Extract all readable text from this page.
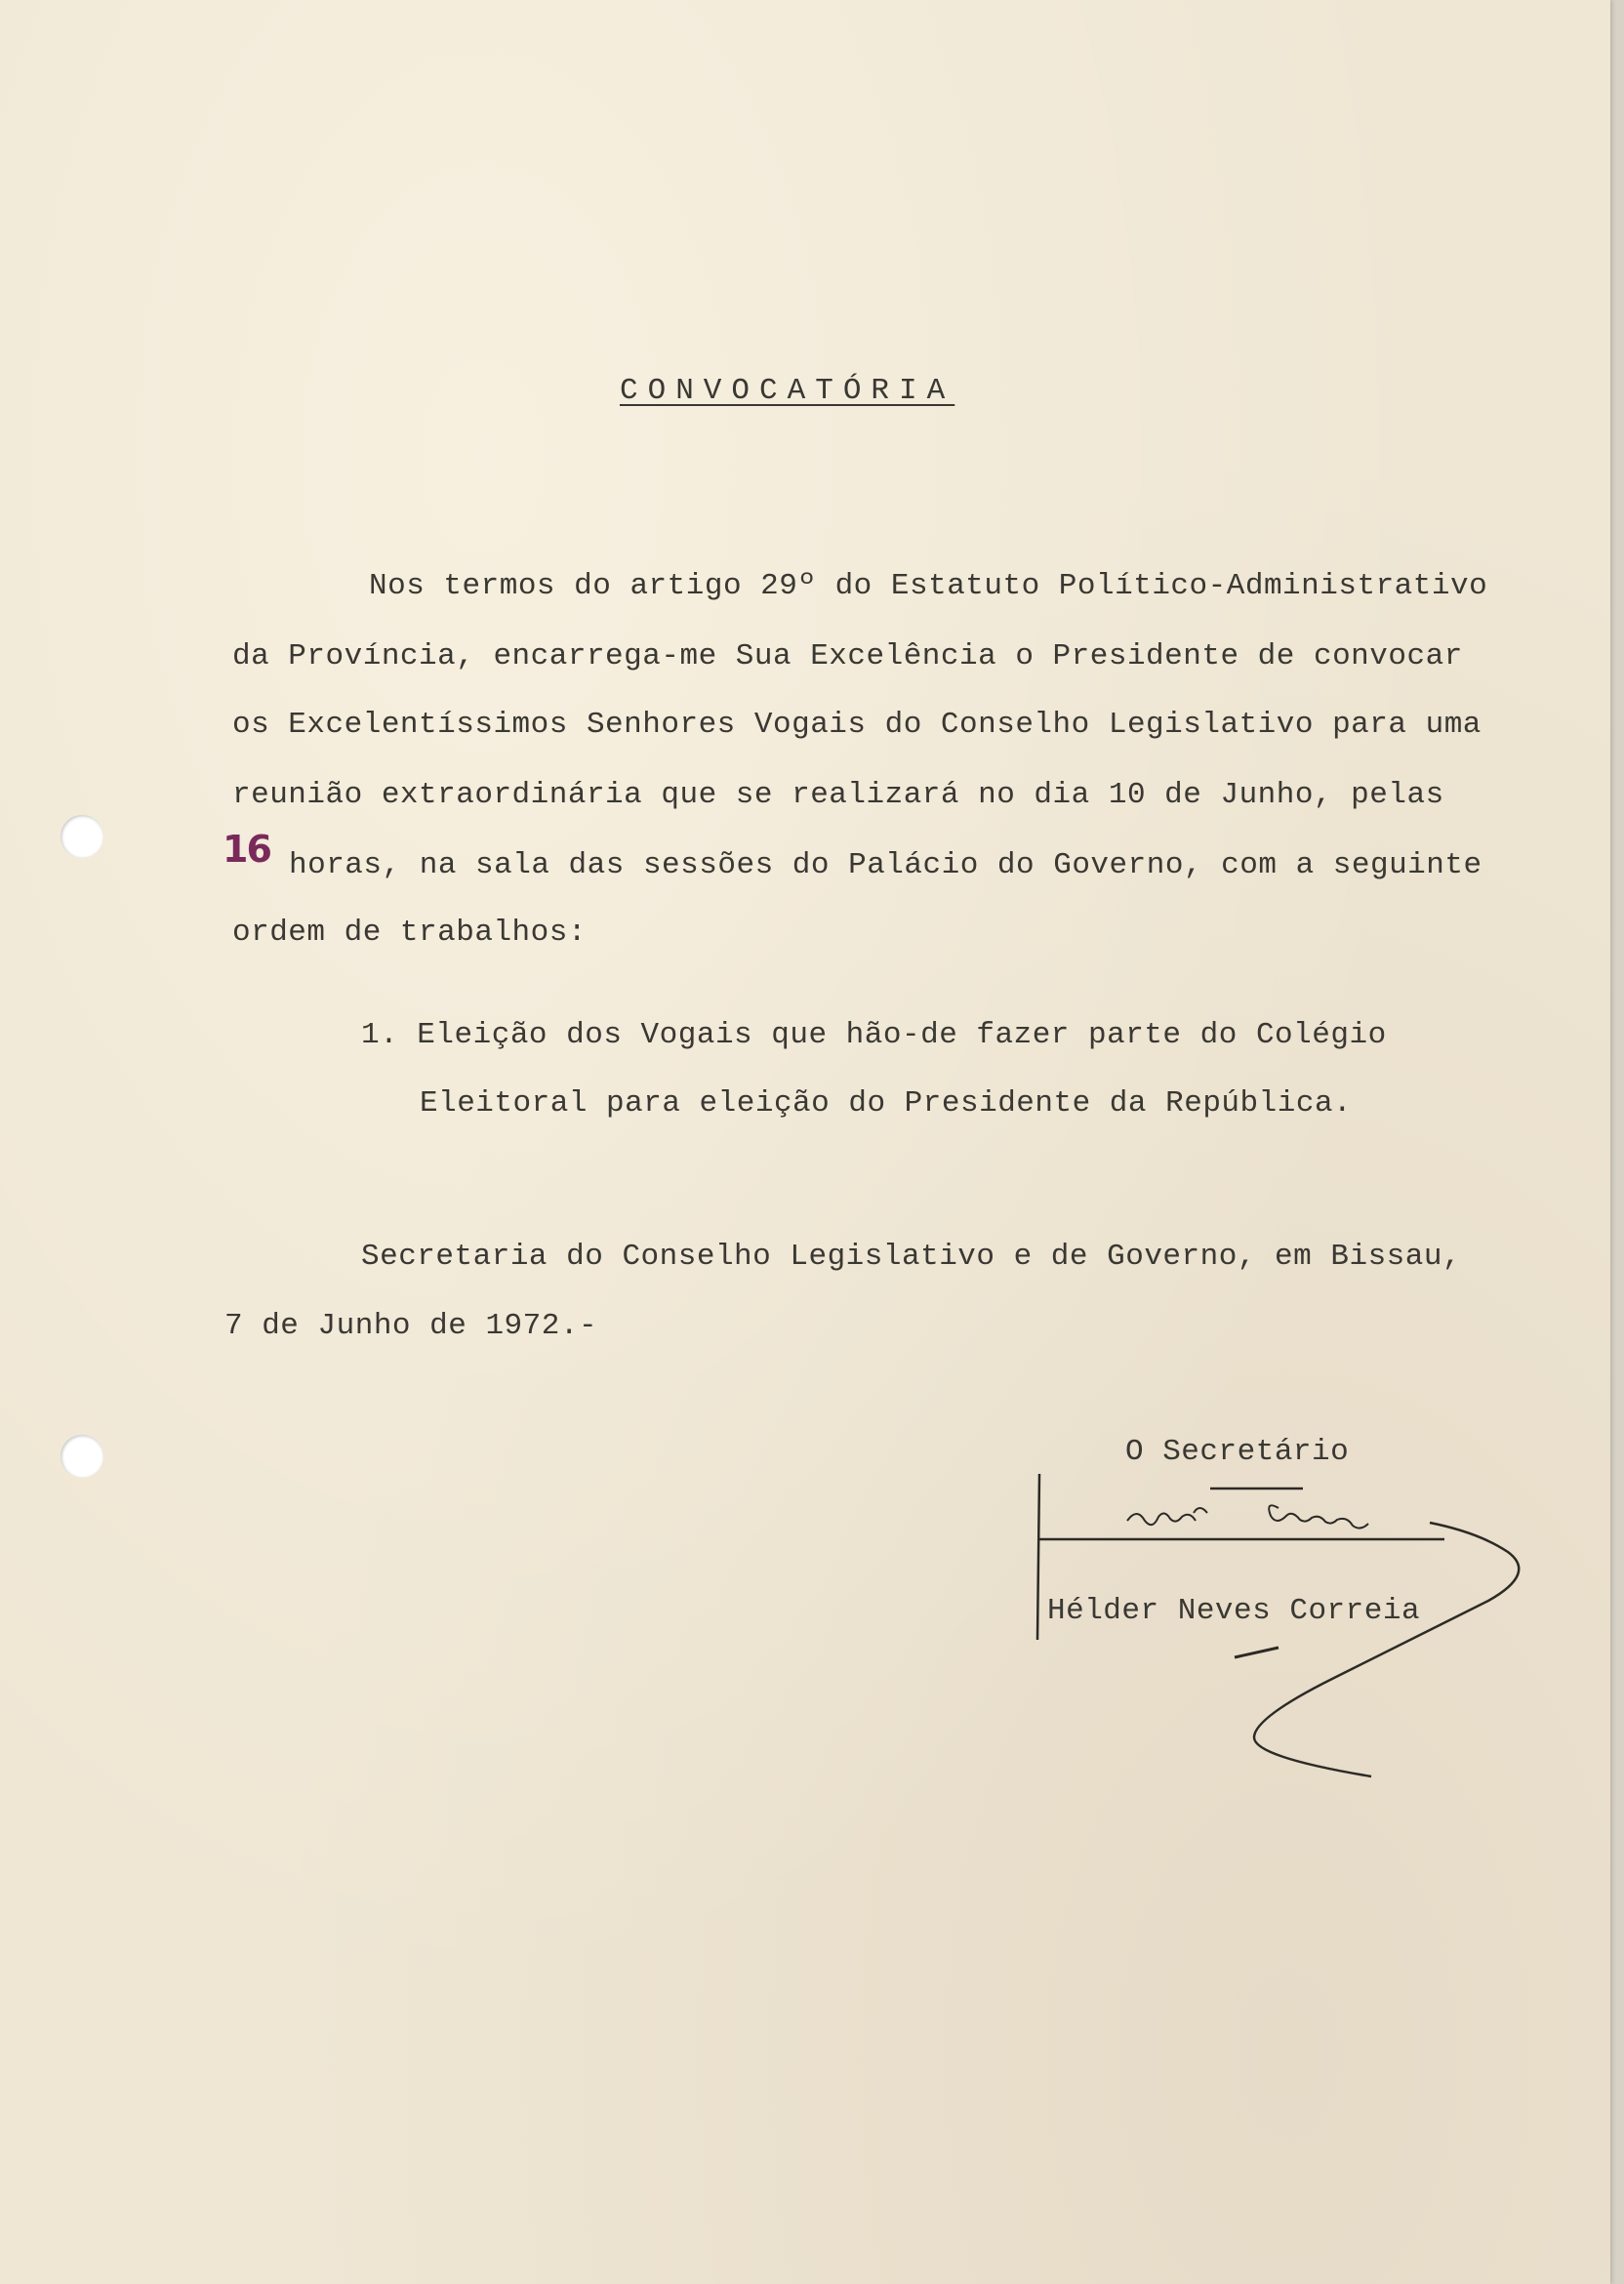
CONVOCATÓRIA
Nos termos do artigo 29º do Estatuto Político-Administrativo
da Província, encarrega-me Sua Excelência o Presidente de convocar
os Excelentíssimos Senhores Vogais do Conselho Legislativo para uma
reunião extraordinária que se realizará no dia 10 de Junho, pelas
16 horas, na sala das sessões do Palácio do Governo, com a seguinte
ordem de trabalhos:
1. Eleição dos Vogais que hão-de fazer parte do Colégio
Eleitoral para eleição do Presidente da República.
Secretaria do Conselho Legislativo e de Governo, em Bissau,
7 de Junho de 1972.-
O Secretário
Hélder Neves Correia
